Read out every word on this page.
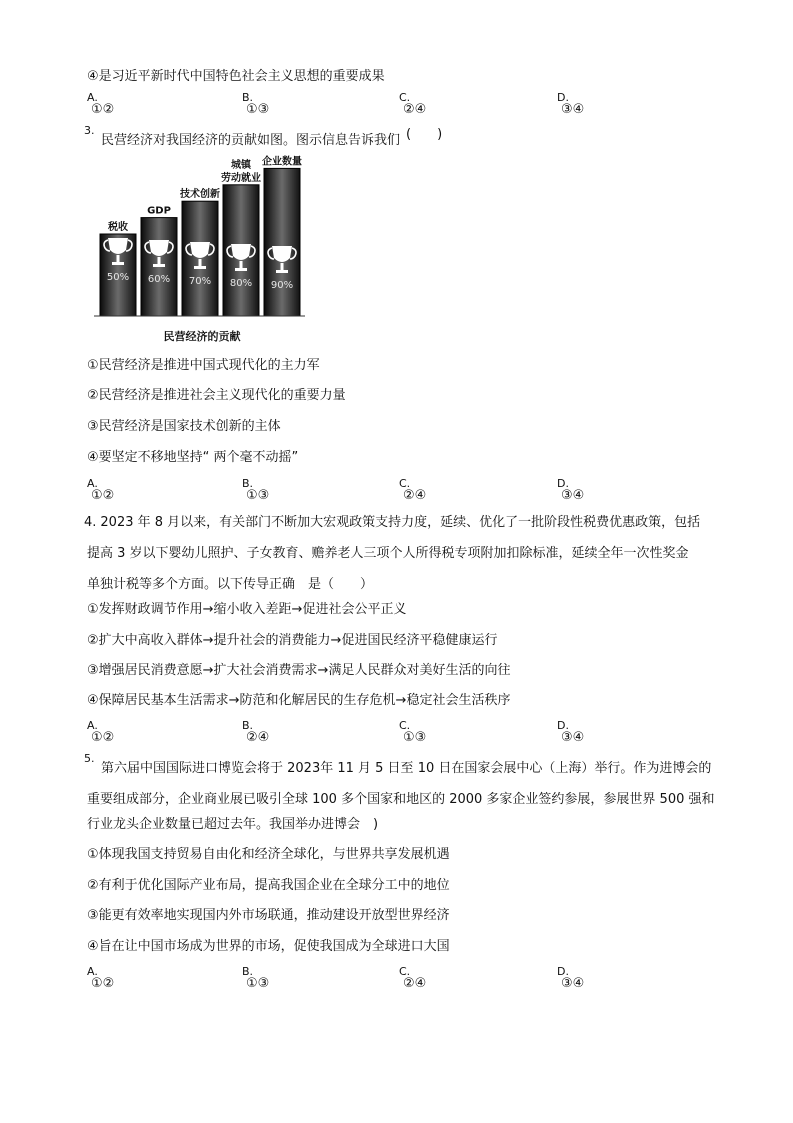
④是习近平新时代中国特色社会主义思想的重要成果
A.
①②
B.
①③
C.
②④
D.
③④
3.
民营经济对我国经济的贡献如图。图示信息告诉我们 (　　)
税收
50%
GDP
60%
技术创新
70%
城镇
劳动就业
80%
企业数量
90%
民营经济的贡献
①民营经济是推进中国式现代化的主力军
②民营经济是推进社会主义现代化的重要力量
③民营经济是国家技术创新的主体
④要坚定不移地坚持“ 两个毫不动摇”
A.
①②
B.
①③
C.
②④
D.
③④
4. 2023 年 8 月以来，有关部门不断加大宏观政策支持力度，延续、优化了一批阶段性税费优惠政策，包括
提高 3 岁以下婴幼儿照护、子女教育、赡养老人三项个人所得税专项附加扣除标准，延续全年一次性奖金
单独计税等多个方面。以下传导正确　是（　　）
①发挥财政调节作用→缩小收入差距→促进社会公平正义
②扩大中高收入群体→提升社会的消费能力→促进国民经济平稳健康运行
③增强居民消费意愿→扩大社会消费需求→满足人民群众对美好生活的向往
④保障居民基本生活需求→防范和化解居民的生存危机→稳定社会生活秩序
A.
①②
B.
②④
C.
①③
D.
③④
5.
第六届中国国际进口博览会将于 2023年 11 月 5 日至 10 日在国家会展中心（上海）举行。作为进博会的
重要组成部分，企业商业展已吸引全球 100 多个国家和地区的 2000 多家企业签约参展，参展世界 500 强和
行业龙头企业数量已超过去年。我国举办进博会　)
①体现我国支持贸易自由化和经济全球化，与世界共享发展机遇
②有利于优化国际产业布局，提高我国企业在全球分工中的地位
③能更有效率地实现国内外市场联通，推动建设开放型世界经济
④旨在让中国市场成为世界的市场，促使我国成为全球进口大国
A.
①②
B.
①③
C.
②④
D.
③④
